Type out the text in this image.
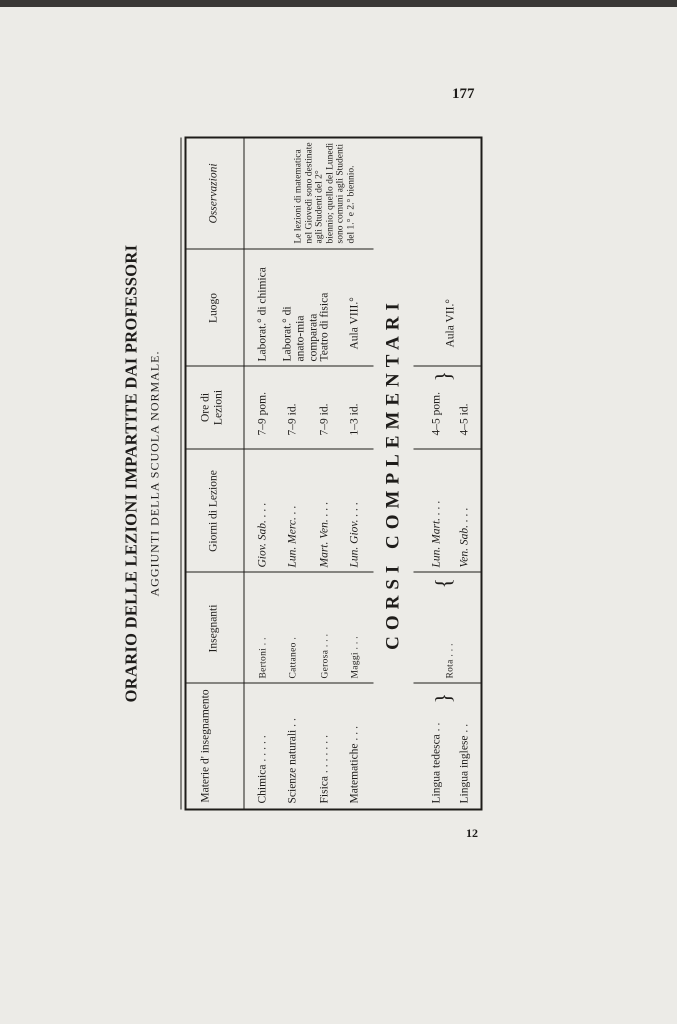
177
12
ORARIO DELLE LEZIONI IMPARTITE DAI PROFESSORI AGGIUNTI DELLA SCUOLA NORMALE.
Materie d' insegnamento
Insegnanti
Giorni di Lezione
Ore di Lezioni
Luogo
Osservazioni
Chimica .....
Bertoni ..
Giov. Sab. ...
7–9 pom.
Laborat.° di chimica
Scienze naturali ..
Cattaneo .
Lun. Merc. ..
7–9 id.
Laborat.° di anato-mia comparata
Fisica .......
Gerosa ...
Mart. Ven. ...
7–9 id.
Teatro di fisica
Matematiche ...
Maggi ...
Lun. Giov. ...
1–3 id.
Aula VIII.°
Le lezioni di matematica nel Giovedì sono destinate agli Studenti del 2° biennio; quello del Lunedì sono comuni agli Studenti del 1.° e 2.° biennio.
CORSI COMPLEMENTARI
Lingua tedesca ..
Lingua inglese ..
}
Rota ...
{
Lun. Mart. ...
Ven. Sab. ...
4–5 pom. 4–5 id.
}
Aula VII.°
